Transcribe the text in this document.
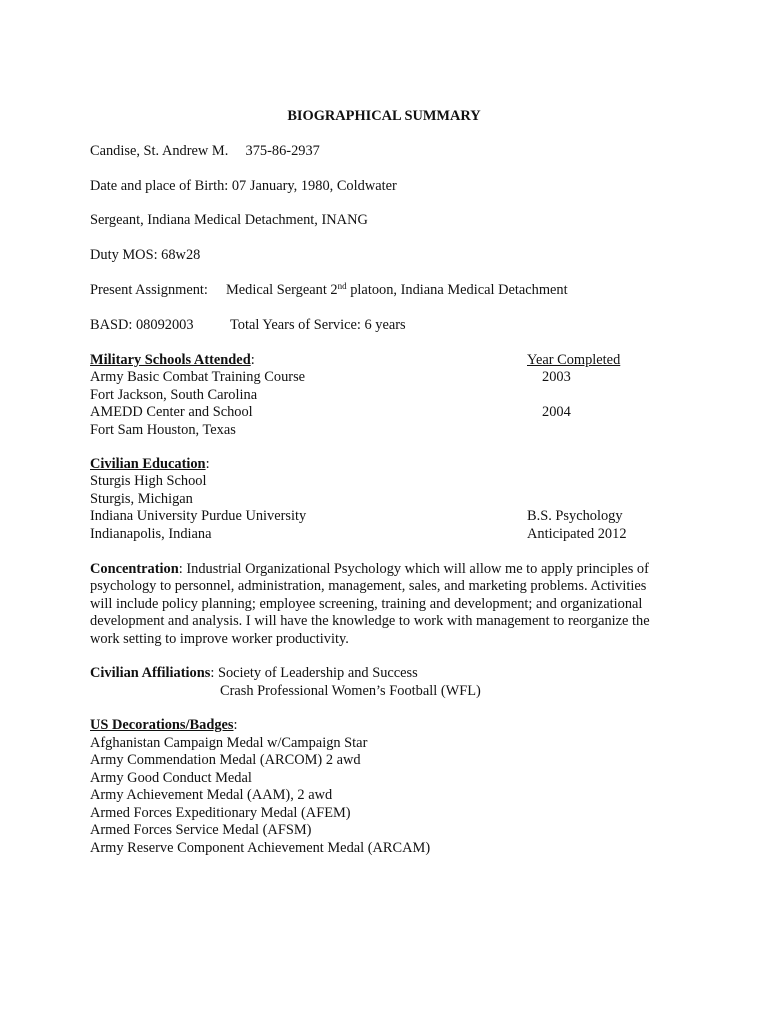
BIOGRAPHICAL SUMMARY
Candise, St. Andrew M. 375-86-2937
Date and place of Birth: 07 January, 1980, Coldwater
Sergeant, Indiana Medical Detachment, INANG
Duty MOS: 68w28
Present Assignment: Medical Sergeant 2nd platoon, Indiana Medical Detachment
BASD: 08092003	Total Years of Service: 6 years
Military Schools Attended:	Year Completed
Army Basic Combat Training Course	2003
Fort Jackson, South Carolina
AMEDD Center and School	2004
Fort Sam Houston, Texas
Civilian Education:
Sturgis High School
Sturgis, Michigan
Indiana University Purdue University	B.S. Psychology
Indianapolis, Indiana	Anticipated 2012
Concentration: Industrial Organizational Psychology which will allow me to apply principles of
psychology to personnel, administration, management, sales, and marketing problems. Activities
will include policy planning; employee screening, training and development; and organizational
development and analysis. I will have the knowledge to work with management to reorganize the
work setting to improve worker productivity.
Civilian Affiliations: Society of Leadership and Success
Crash Professional Women’s Football (WFL)
US Decorations/Badges:
Afghanistan Campaign Medal w/Campaign Star
Army Commendation Medal (ARCOM) 2 awd
Army Good Conduct Medal
Army Achievement Medal (AAM), 2 awd
Armed Forces Expeditionary Medal (AFEM)
Armed Forces Service Medal (AFSM)
Army Reserve Component Achievement Medal (ARCAM)
